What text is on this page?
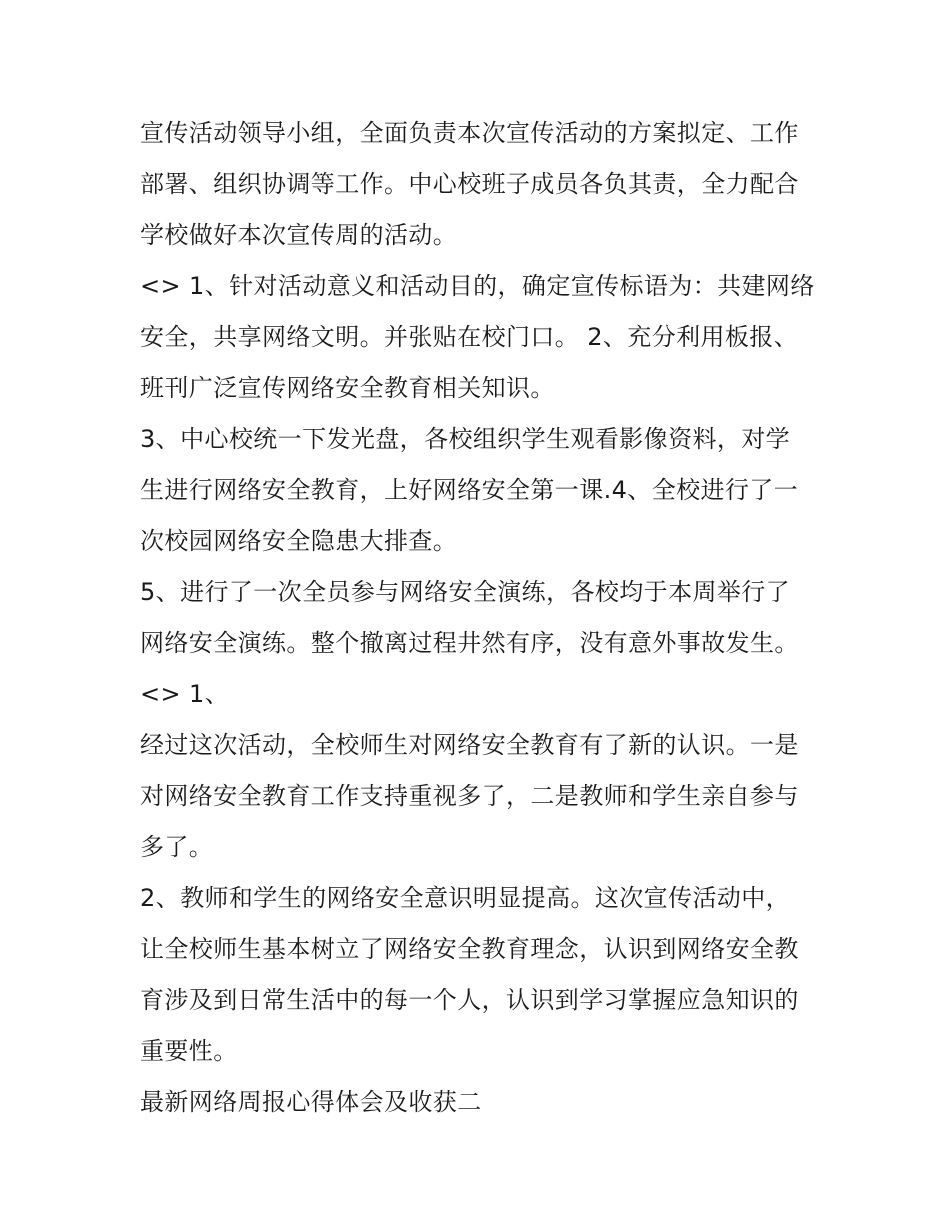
宣传活动领导小组，全面负责本次宣传活动的方案拟定、工作
部署、组织协调等工作。中心校班子成员各负其责，全力配合
学校做好本次宣传周的活动。
<> 1、针对活动意义和活动目的，确定宣传标语为：共建网络
安全，共享网络文明。并张贴在校门口。 2、充分利用板报、
班刊广泛宣传网络安全教育相关知识。
3、中心校统一下发光盘，各校组织学生观看影像资料，对学
生进行网络安全教育，上好网络安全第一课.4、全校进行了一
次校园网络安全隐患大排查。
5、进行了一次全员参与网络安全演练，各校均于本周举行了
网络安全演练。整个撤离过程井然有序，没有意外事故发生。
<> 1、
经过这次活动，全校师生对网络安全教育有了新的认识。一是
对网络安全教育工作支持重视多了，二是教师和学生亲自参与
多了。
2、教师和学生的网络安全意识明显提高。这次宣传活动中，
让全校师生基本树立了网络安全教育理念，认识到网络安全教
育涉及到日常生活中的每一个人，认识到学习掌握应急知识的
重要性。
最新网络周报心得体会及收获二
